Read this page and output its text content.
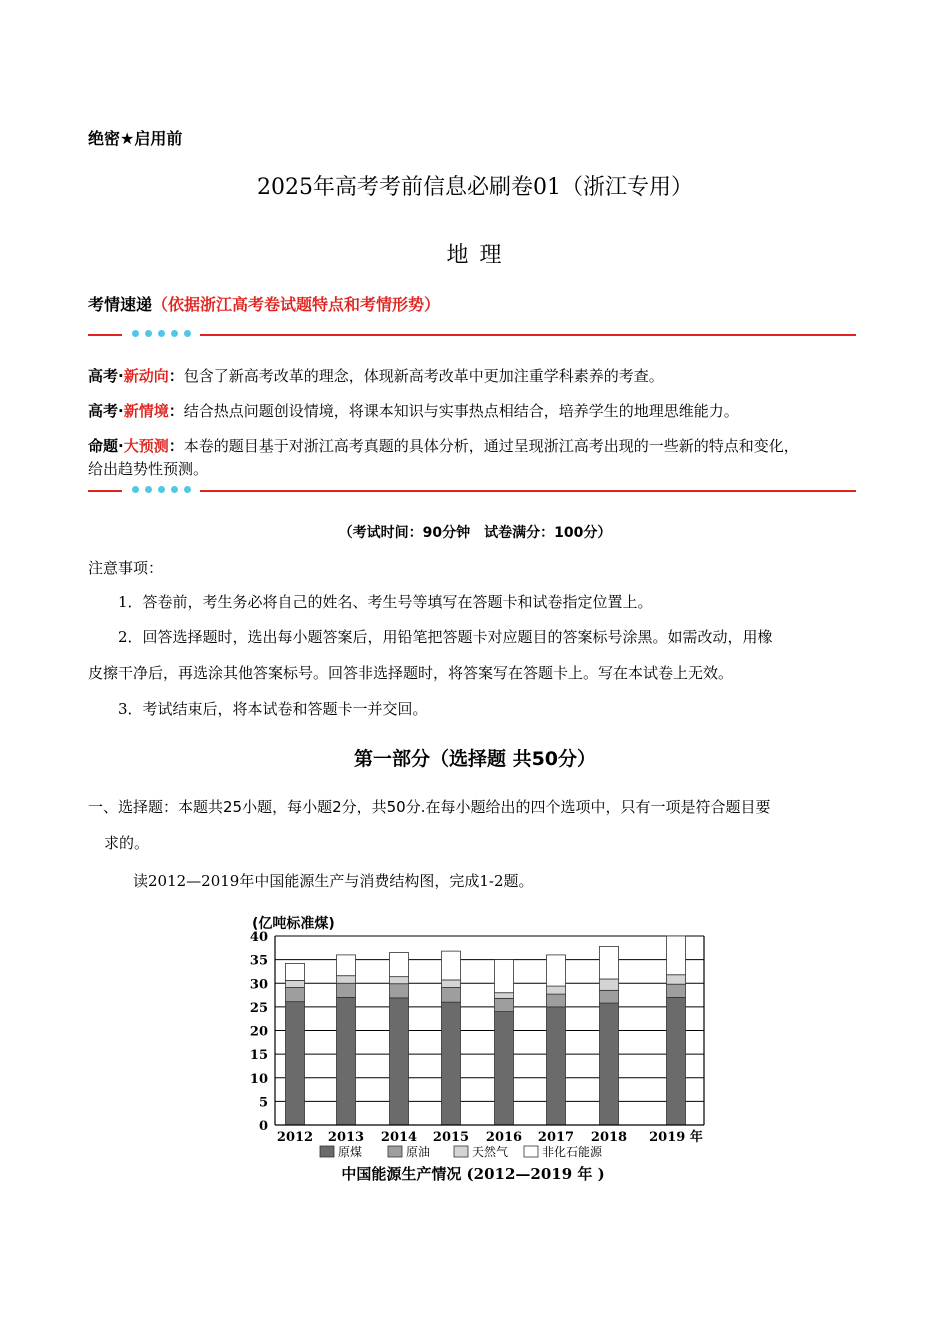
绝密★启用前
2025年高考考前信息必刷卷01（浙江专用）
地 理
考情速递（依据浙江高考卷试题特点和考情形势）
高考·新动向：包含了新高考改革的理念，体现新高考改革中更加注重学科素养的考查。
高考·新情境：结合热点问题创设情境，将课本知识与实事热点相结合，培养学生的地理思维能力。
命题·大预测：本卷的题目基于对浙江高考真题的具体分析，通过呈现浙江高考出现的一些新的特点和变化，
给出趋势性预测。
（考试时间：90分钟　试卷满分：100分）
注意事项：
1．答卷前，考生务必将自己的姓名、考生号等填写在答题卡和试卷指定位置上。
2．回答选择题时，选出每小题答案后，用铅笔把答题卡对应题目的答案标号涂黑。如需改动，用橡
皮擦干净后，再选涂其他答案标号。回答非选择题时，将答案写在答题卡上。写在本试卷上无效。
3．考试结束后，将本试卷和答题卡一并交回。
第一部分（选择题 共50分）
一、选择题：本题共25小题，每小题2分，共50分.在每小题给出的四个选项中，只有一项是符合题目要
求的。
读2012—2019年中国能源生产与消费结构图，完成1-2题。
(亿吨标准煤)
0
5
10
15
20
25
30
35
40
2012 2013 2014 2015 2016 2017 2018 2019 年
原煤	原油	天然气	非化石能源
中国能源生产情况 (2012—2019 年 )
